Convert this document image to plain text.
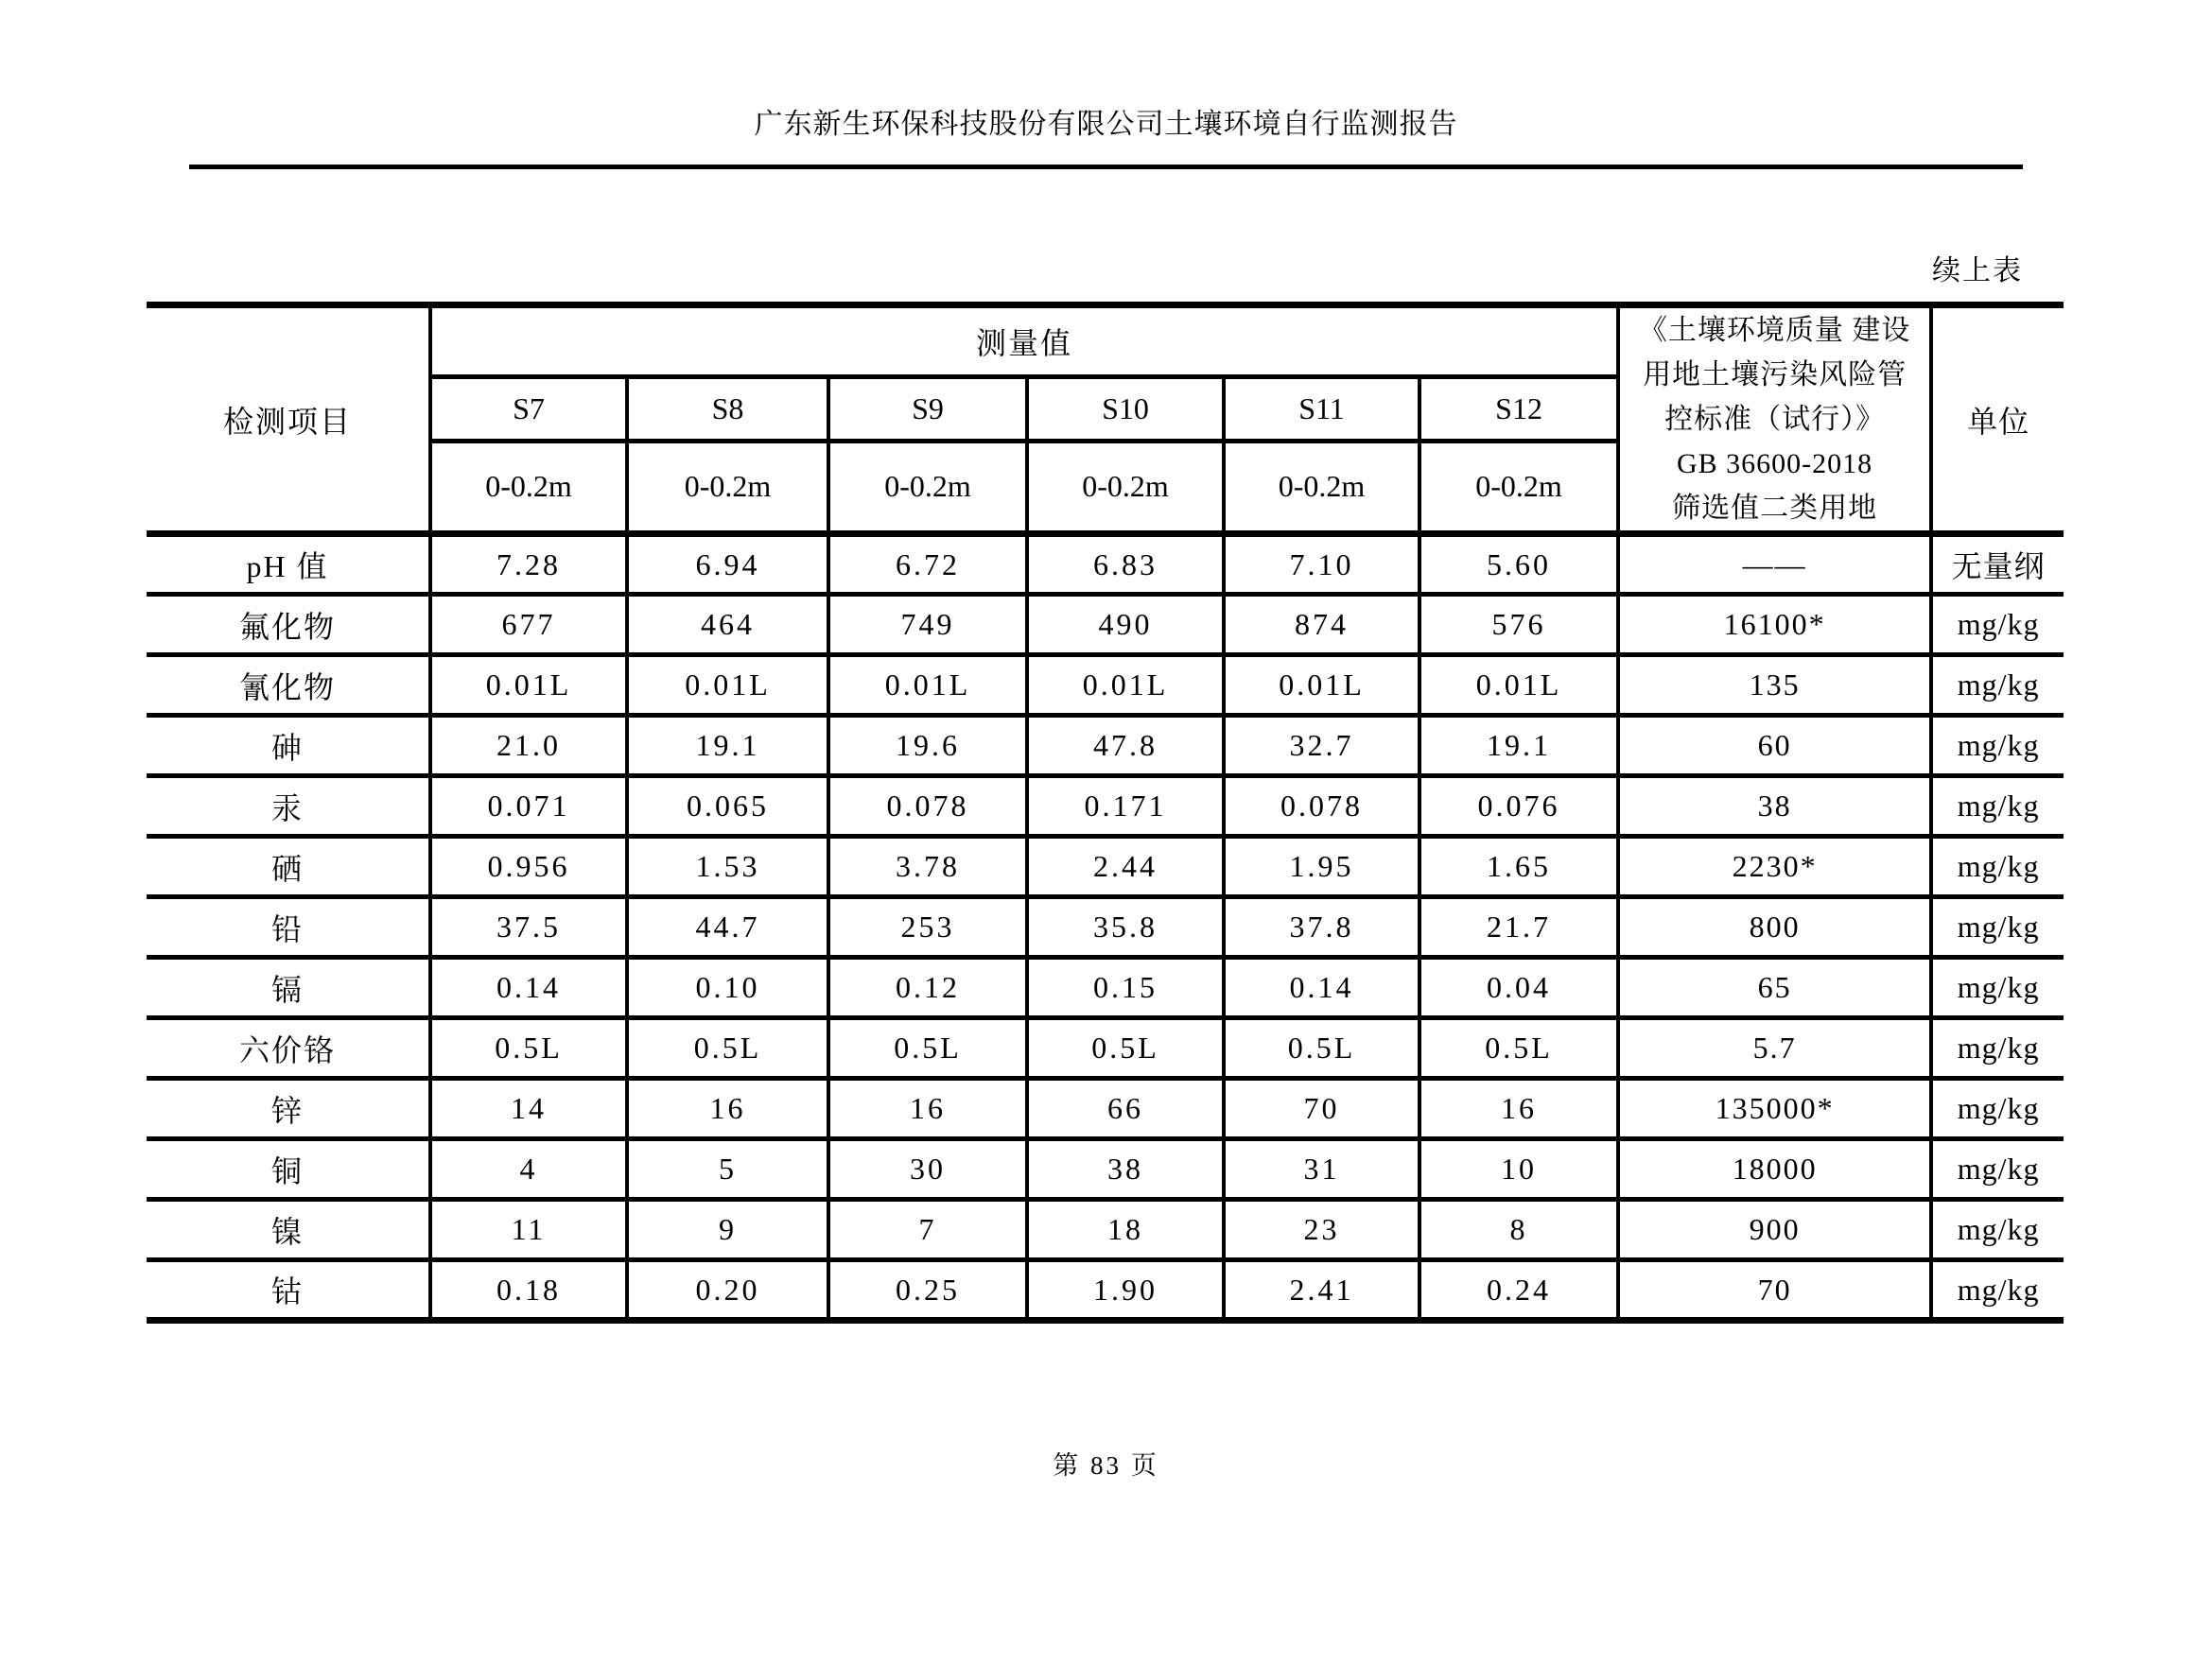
广东新生环保科技股份有限公司土壤环境自行监测报告
续上表
检测项目	测量值						《土壤环境质量 建设
用地土壤污染风险管
控标准（试行）》
GB 36600-2018
筛选值二类用地	单位
	S7	S8	S9	S10	S11	S12		
	0-0.2m	0-0.2m	0-0.2m	0-0.2m	0-0.2m	0-0.2m		
pH 值	7.28	6.94	6.72	6.83	7.10	5.60	——	无量纲
氟化物	677	464	749	490	874	576	16100*	mg/kg
氰化物	0.01L	0.01L	0.01L	0.01L	0.01L	0.01L	135	mg/kg
砷	21.0	19.1	19.6	47.8	32.7	19.1	60	mg/kg
汞	0.071	0.065	0.078	0.171	0.078	0.076	38	mg/kg
硒	0.956	1.53	3.78	2.44	1.95	1.65	2230*	mg/kg
铅	37.5	44.7	253	35.8	37.8	21.7	800	mg/kg
镉	0.14	0.10	0.12	0.15	0.14	0.04	65	mg/kg
六价铬	0.5L	0.5L	0.5L	0.5L	0.5L	0.5L	5.7	mg/kg
锌	14	16	16	66	70	16	135000*	mg/kg
铜	4	5	30	38	31	10	18000	mg/kg
镍	11	9	7	18	23	8	900	mg/kg
钴	0.18	0.20	0.25	1.90	2.41	0.24	70	mg/kg
第 83 页
